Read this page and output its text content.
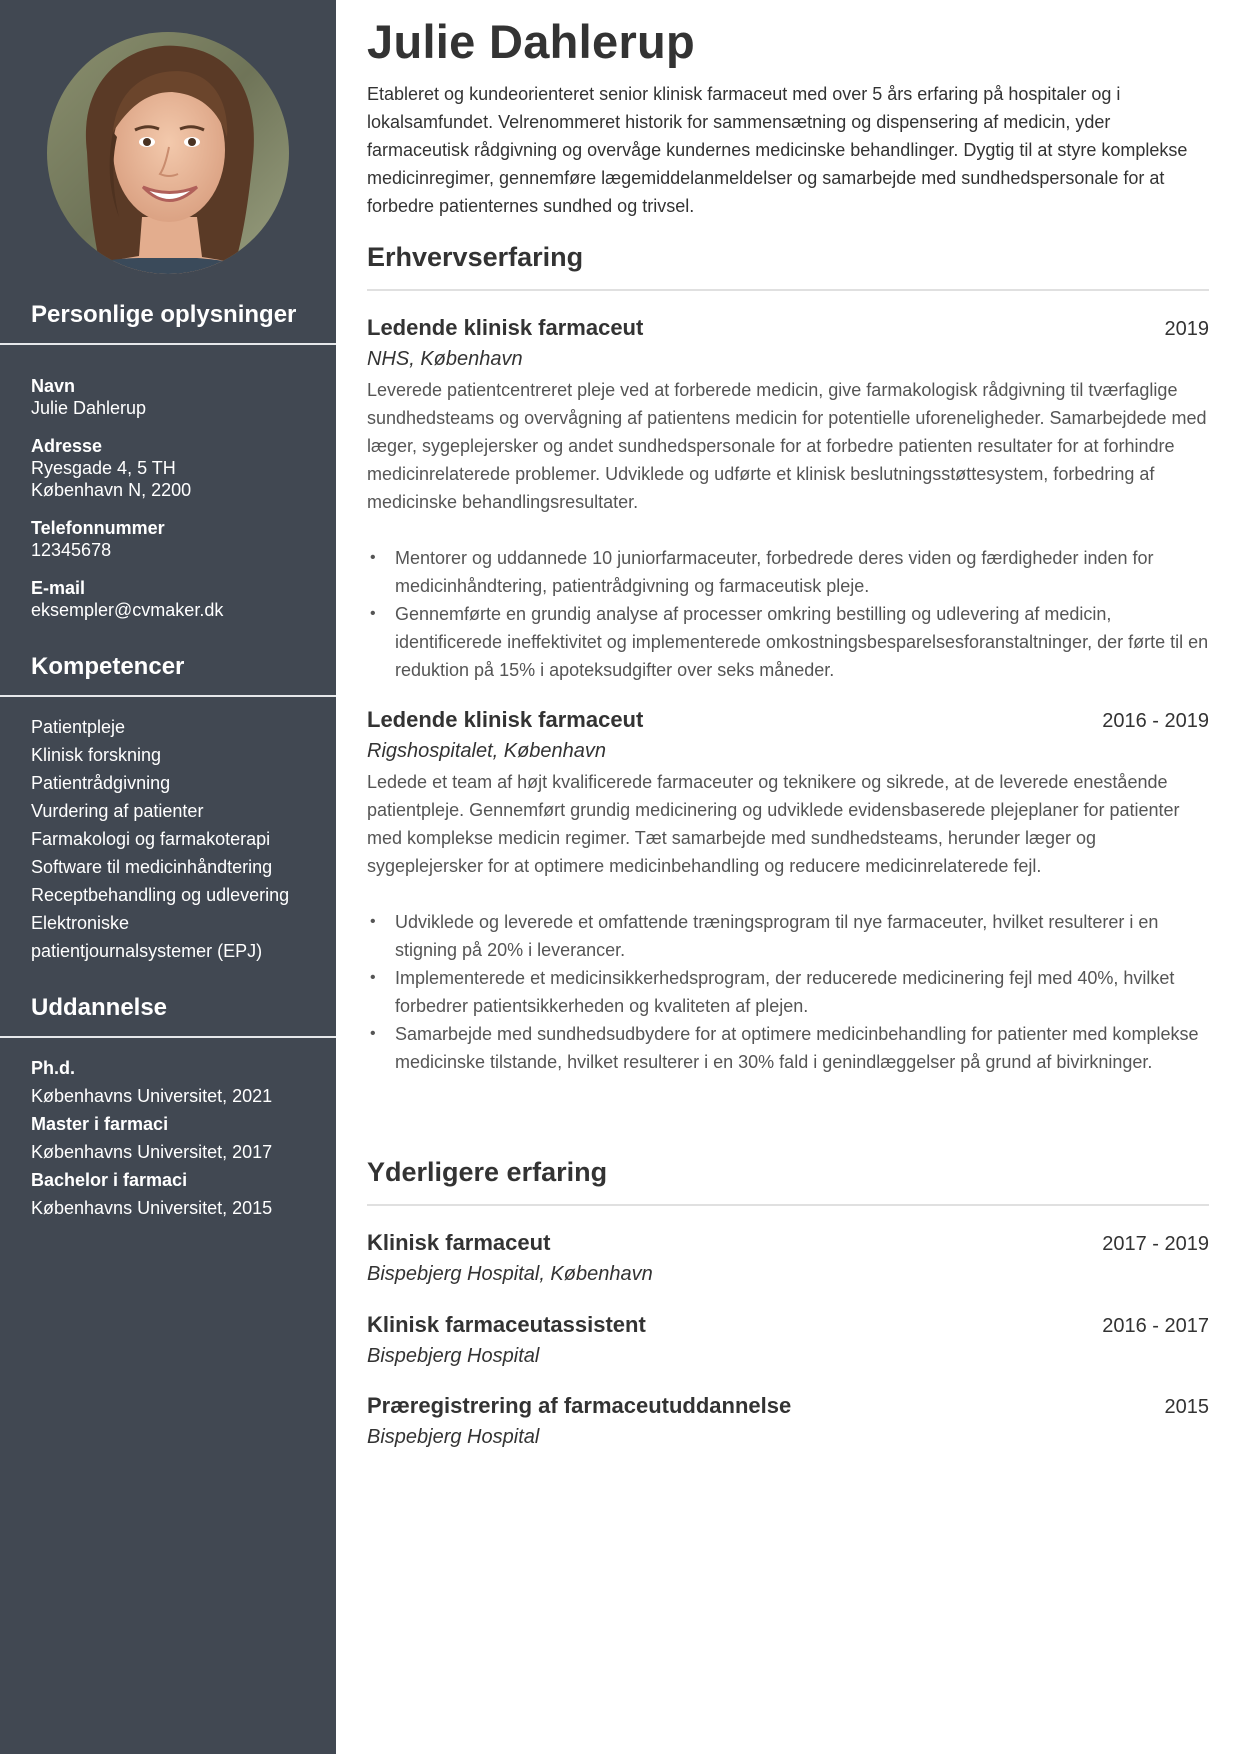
Personlige oplysninger
Navn
Julie Dahlerup
Adresse
Ryesgade 4, 5 TH
København N, 2200
Telefonnummer
12345678
E-mail
eksempler@cvmaker.dk
Kompetencer
Patientpleje
Klinisk forskning
Patientrådgivning
Vurdering af patienter
Farmakologi og farmakoterapi
Software til medicinhåndtering
Receptbehandling og udlevering
Elektroniske
patientjournalsystemer (EPJ)
Uddannelse
Ph.d.
Københavns Universitet, 2021
Master i farmaci
Københavns Universitet, 2017
Bachelor i farmaci
Københavns Universitet, 2015
Julie Dahlerup

Etableret og kundeorienteret senior klinisk farmaceut med over 5 års erfaring på hospitaler og i lokalsamfundet. Velrenommeret historik for sammensætning og dispensering af medicin, yder farmaceutisk rådgivning og overvåge kundernes medicinske behandlinger. Dygtig til at styre komplekse medicinregimer, gennemføre lægemiddelanmeldelser og samarbejde med sundhedspersonale for at forbedre patienternes sundhed og trivsel.

Erhvervserfaring
Ledende klinisk farmaceut	2019
NHS, København

Leverede patientcentreret pleje ved at forberede medicin, give farmakologisk rådgivning til tværfaglige sundhedsteams og overvågning af patientens medicin for potentielle uforeneligheder. Samarbejdede med læger, sygeplejersker og andet sundhedspersonale for at forbedre patienten resultater for at forhindre medicinrelaterede problemer. Udviklede og udførte et klinisk beslutningsstøttesystem, forbedring af medicinske behandlingsresultater.

• Mentorer og uddannede 10 juniorfarmaceuter, forbedrede deres viden og færdigheder inden for medicinhåndtering, patientrådgivning og farmaceutisk pleje.
• Gennemførte en grundig analyse af processer omkring bestilling og udlevering af medicin, identificerede ineffektivitet og implementerede omkostningsbesparelsesforanstaltninger, der førte til en reduktion på 15% i apoteksudgifter over seks måneder.
Ledende klinisk farmaceut	2016 - 2019
Rigshospitalet, København

Ledede et team af højt kvalificerede farmaceuter og teknikere og sikrede, at de leverede enestående patientpleje. Gennemført grundig medicinering og udviklede evidensbaserede plejeplaner for patienter med komplekse medicin regimer. Tæt samarbejde med sundhedsteams, herunder læger og sygeplejersker for at optimere medicinbehandling og reducere medicinrelaterede fejl.

• Udviklede og leverede et omfattende træningsprogram til nye farmaceuter, hvilket resulterer i en stigning på 20% i leverancer.
• Implementerede et medicinsikkerhedsprogram, der reducerede medicinering fejl med 40%, hvilket forbedrer patientsikkerheden og kvaliteten af plejen.
• Samarbejde med sundhedsudbydere for at optimere medicinbehandling for patienter med komplekse medicinske tilstande, hvilket resulterer i en 30% fald i genindlæggelser på grund af bivirkninger.
Yderligere erfaring
Klinisk farmaceut	2017 - 2019
Bispebjerg Hospital, København
Klinisk farmaceutassistent	2016 - 2017
Bispebjerg Hospital
Præregistrering af farmaceutuddannelse	2015
Bispebjerg Hospital
